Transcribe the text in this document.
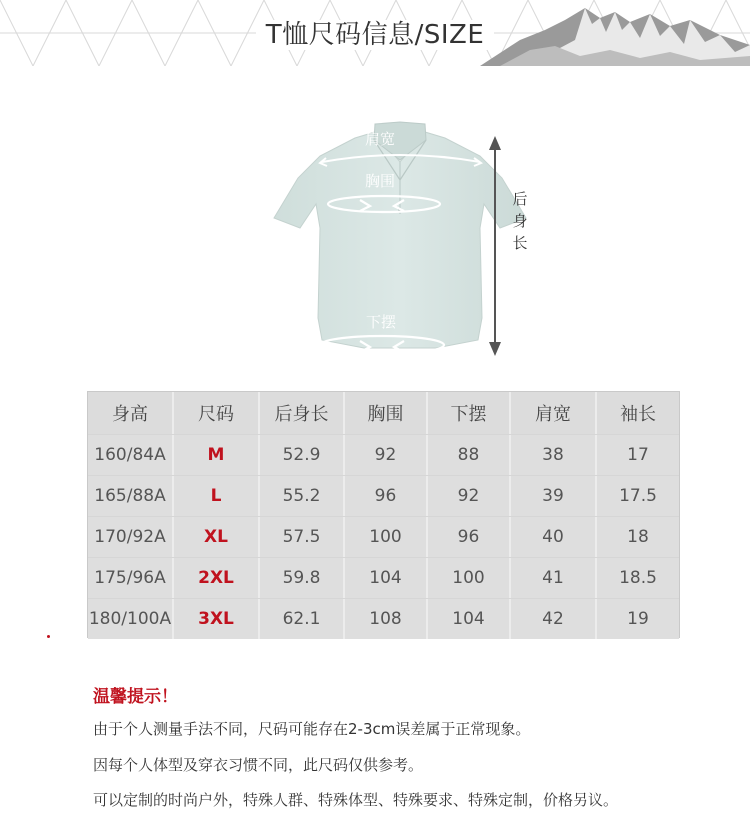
T恤尺码信息/SIZE
肩宽
胸围
下摆
后
身
长
身高	尺码	后身长	胸围	下摆	肩宽	袖长
160/84A	M	52.9	92	88	38	17
165/88A	L	55.2	96	92	39	17.5
170/92A	XL	57.5	100	96	40	18
175/96A	2XL	59.8	104	100	41	18.5
180/100A	3XL	62.1	108	104	42	19
温馨提示！
由于个人测量手法不同，尺码可能存在2-3cm误差属于正常现象。
因每个人体型及穿衣习惯不同，此尺码仅供参考。
可以定制的时尚户外，特殊人群、特殊体型、特殊要求、特殊定制，价格另议。
